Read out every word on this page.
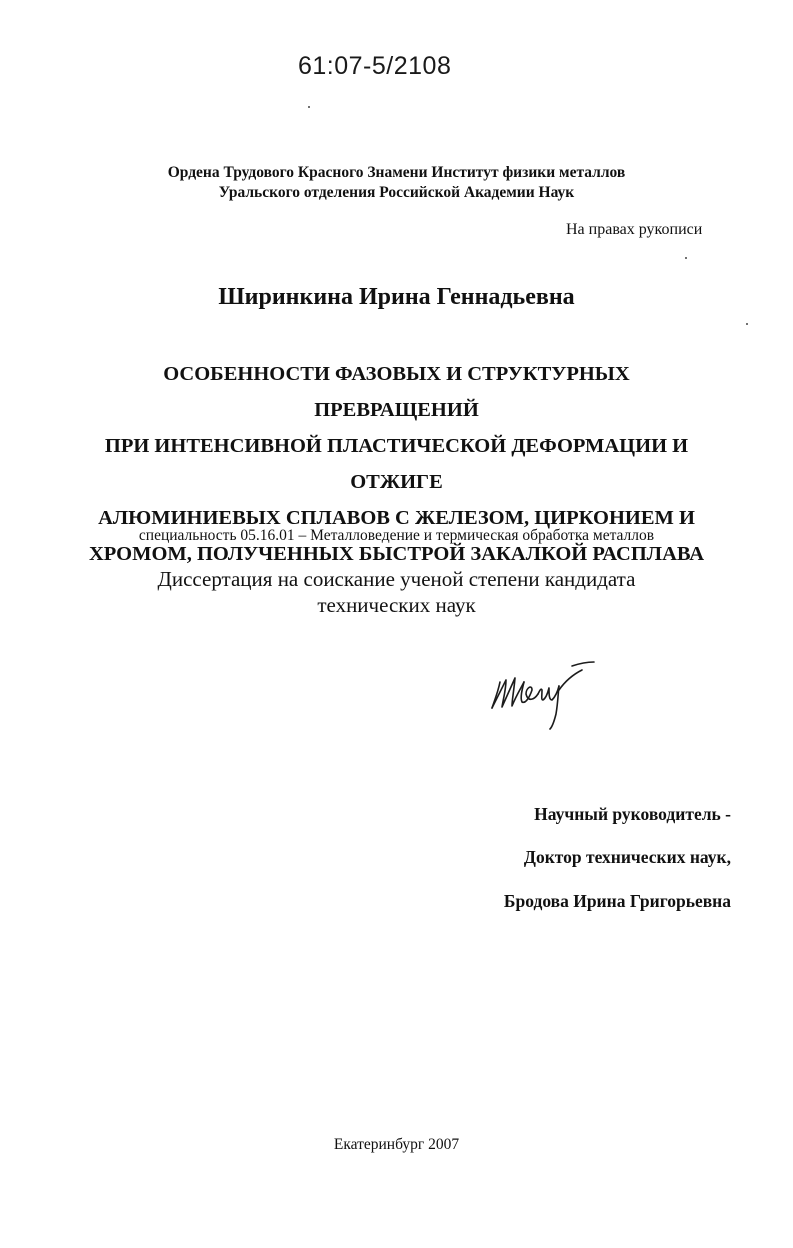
61:07-5/2108
Ордена Трудового Красного Знамени Институт физики металлов
Уральского отделения Российской Академии Наук
На правах рукописи
Ширинкина Ирина Геннадьевна
ОСОБЕННОСТИ ФАЗОВЫХ И СТРУКТУРНЫХ ПРЕВРАЩЕНИЙ
ПРИ ИНТЕНСИВНОЙ ПЛАСТИЧЕСКОЙ ДЕФОРМАЦИИ И ОТЖИГЕ
АЛЮМИНИЕВЫХ СПЛАВОВ С ЖЕЛЕЗОМ, ЦИРКОНИЕМ И
ХРОМОМ, ПОЛУЧЕННЫХ БЫСТРОЙ ЗАКАЛКОЙ РАСПЛАВА
специальность 05.16.01 – Металловедение и термическая обработка металлов
Диссертация на соискание ученой степени кандидата
технических наук
Научный руководитель -
Доктор технических наук,
Бродова Ирина Григорьевна
Екатеринбург 2007
